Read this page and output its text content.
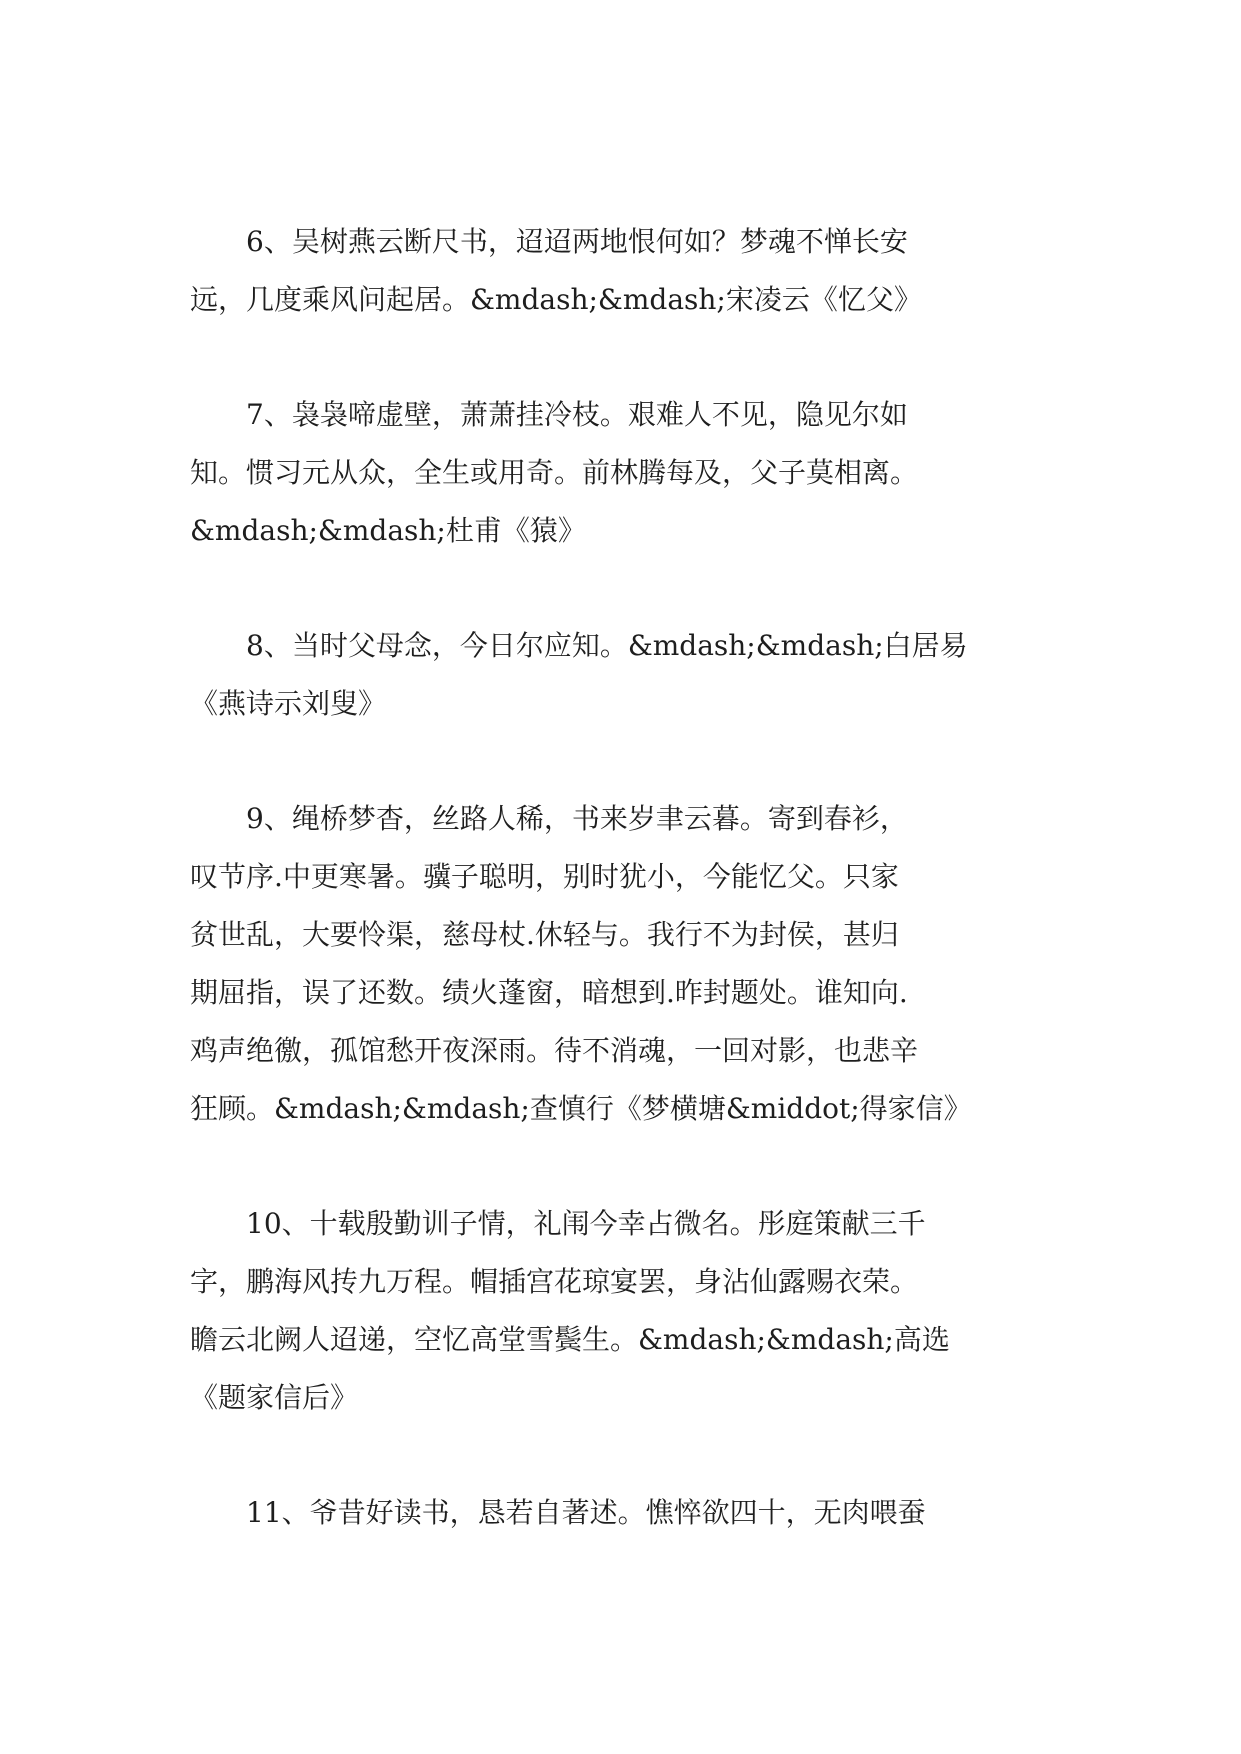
6、吴树燕云断尺书，迢迢两地恨何如？梦魂不惮长安
远，几度乘风问起居。&mdash;&mdash;宋凌云《忆父》

7、袅袅啼虚壁，萧萧挂冷枝。艰难人不见，隐见尔如
知。惯习元从众，全生或用奇。前林腾每及，父子莫相离。
&mdash;&mdash;杜甫《猿》

8、当时父母念，今日尔应知。&mdash;&mdash;白居易
《燕诗示刘叟》

9、绳桥梦杳，丝路人稀，书来岁聿云暮。寄到春衫，
叹节序.中更寒暑。骥子聪明，别时犹小，今能忆父。只家
贫世乱，大要怜渠，慈母杖.休轻与。我行不为封侯，甚归
期屈指，误了还数。绩火蓬窗，暗想到.昨封题处。谁知向.
鸡声绝徼，孤馆愁开夜深雨。待不消魂，一回对影，也悲辛
狂顾。&mdash;&mdash;查慎行《梦横塘&middot;得家信》

10、十载殷勤训子情，礼闱今幸占微名。彤庭策献三千
字，鹏海风抟九万程。帽插宫花琼宴罢，身沾仙露赐衣荣。
瞻云北阙人迢递，空忆高堂雪鬓生。&mdash;&mdash;高选
《题家信后》

11、爷昔好读书，恳若自著述。憔悴欲四十，无肉喂蚕
